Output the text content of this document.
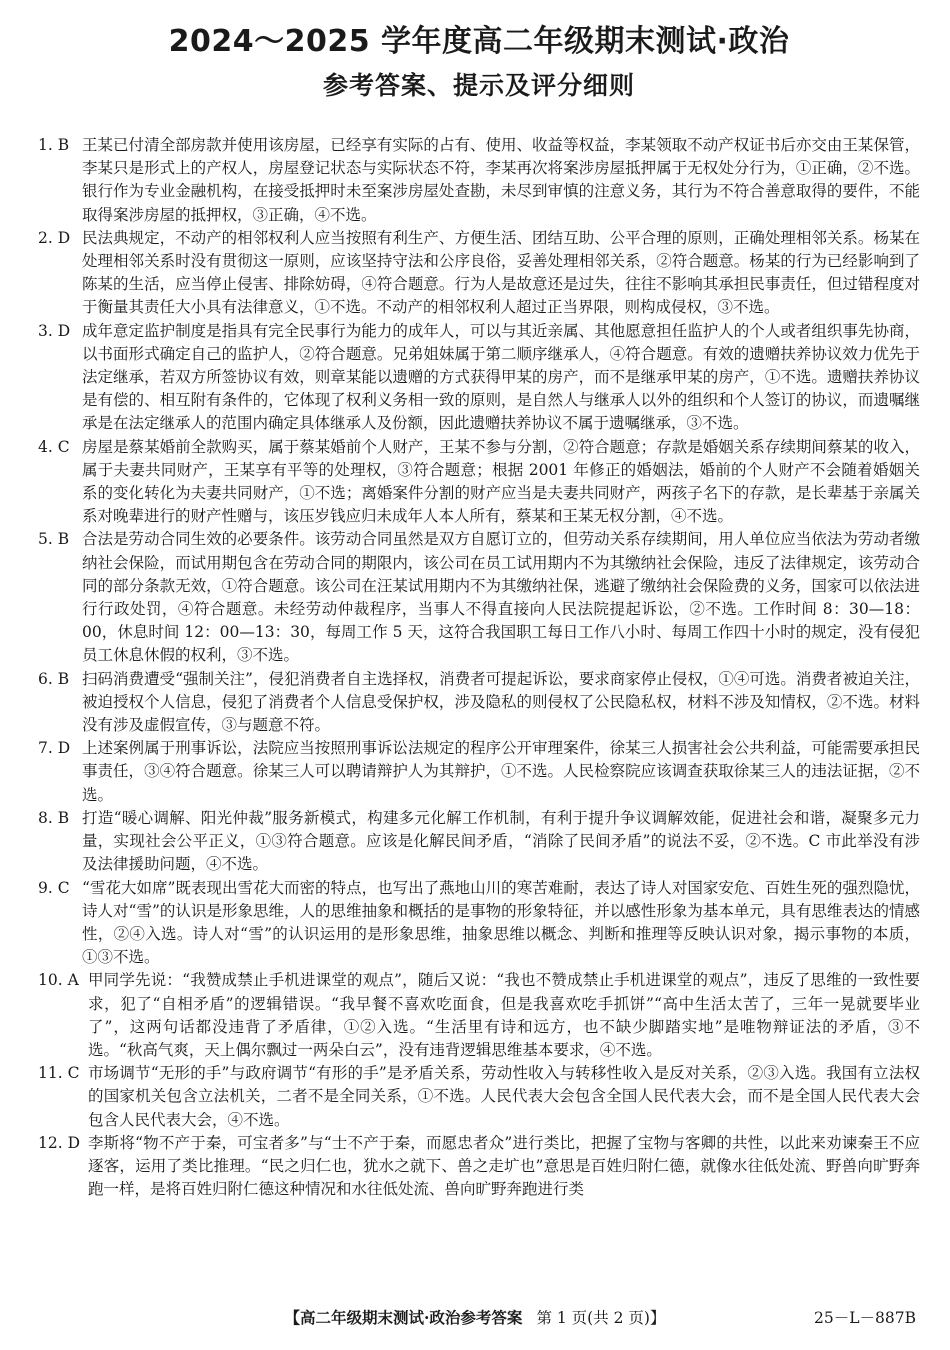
2024～2025 学年度高二年级期末测试·政治
参考答案、提示及评分细则
1. B 王某已付清全部房款并使用该房屋，已经享有实际的占有、使用、收益等权益，李某领取不动产权证书后亦交由王某保管，李某只是形式上的产权人，房屋登记状态与实际状态不符，李某再次将案涉房屋抵押属于无权处分行为，①正确，②不选。银行作为专业金融机构，在接受抵押时未至案涉房屋处查勘，未尽到审慎的注意义务，其行为不符合善意取得的要件，不能取得案涉房屋的抵押权，③正确，④不选。
2. D 民法典规定，不动产的相邻权利人应当按照有利生产、方便生活、团结互助、公平合理的原则，正确处理相邻关系。杨某在处理相邻关系时没有贯彻这一原则，应该坚持守法和公序良俗，妥善处理相邻关系，②符合题意。杨某的行为已经影响到了陈某的生活，应当停止侵害、排除妨碍，④符合题意。行为人是故意还是过失，往往不影响其承担民事责任，但过错程度对于衡量其责任大小具有法律意义，①不选。不动产的相邻权利人超过正当界限，则构成侵权，③不选。
3. D 成年意定监护制度是指具有完全民事行为能力的成年人，可以与其近亲属、其他愿意担任监护人的个人或者组织事先协商，以书面形式确定自己的监护人，②符合题意。兄弟姐妹属于第二顺序继承人，④符合题意。有效的遗赠扶养协议效力优先于法定继承，若双方所签协议有效，则章某能以遗赠的方式获得甲某的房产，而不是继承甲某的房产，①不选。遗赠扶养协议是有偿的、相互附有条件的，它体现了权利义务相一致的原则，是自然人与继承人以外的组织和个人签订的协议，而遗嘱继承是在法定继承人的范围内确定具体继承人及份额，因此遗赠扶养协议不属于遗嘱继承，③不选。
4. C 房屋是蔡某婚前全款购买，属于蔡某婚前个人财产，王某不参与分割，②符合题意；存款是婚姻关系存续期间蔡某的收入，属于夫妻共同财产，王某享有平等的处理权，③符合题意；根据 2001 年修正的婚姻法，婚前的个人财产不会随着婚姻关系的变化转化为夫妻共同财产，①不选；离婚案件分割的财产应当是夫妻共同财产，两孩子名下的存款，是长辈基于亲属关系对晚辈进行的财产性赠与，该压岁钱应归未成年人本人所有，蔡某和王某无权分割，④不选。
5. B 合法是劳动合同生效的必要条件。该劳动合同虽然是双方自愿订立的，但劳动关系存续期间，用人单位应当依法为劳动者缴纳社会保险，而试用期包含在劳动合同的期限内，该公司在员工试用期内不为其缴纳社会保险，违反了法律规定，该劳动合同的部分条款无效，①符合题意。该公司在汪某试用期内不为其缴纳社保，逃避了缴纳社会保险费的义务，国家可以依法进行行政处罚，④符合题意。未经劳动仲裁程序，当事人不得直接向人民法院提起诉讼，②不选。工作时间 8：30—18：00，休息时间 12：00—13：30，每周工作 5 天，这符合我国职工每日工作八小时、每周工作四十小时的规定，没有侵犯员工休息休假的权利，③不选。
6. B 扫码消费遭受“强制关注”，侵犯消费者自主选择权，消费者可提起诉讼，要求商家停止侵权，①④可选。消费者被迫关注，被迫授权个人信息，侵犯了消费者个人信息受保护权，涉及隐私的则侵权了公民隐私权，材料不涉及知情权，②不选。材料没有涉及虚假宣传，③与题意不符。
7. D 上述案例属于刑事诉讼，法院应当按照刑事诉讼法规定的程序公开审理案件，徐某三人损害社会公共利益，可能需要承担民事责任，③④符合题意。徐某三人可以聘请辩护人为其辩护，①不选。人民检察院应该调查获取徐某三人的违法证据，②不选。
8. B 打造“暖心调解、阳光仲裁”服务新模式，构建多元化解工作机制，有利于提升争议调解效能，促进社会和谐，凝聚多元力量，实现社会公平正义，①③符合题意。应该是化解民间矛盾，“消除了民间矛盾”的说法不妥，②不选。C 市此举没有涉及法律援助问题，④不选。
9. C “雪花大如席”既表现出雪花大而密的特点，也写出了燕地山川的寒苦难耐，表达了诗人对国家安危、百姓生死的强烈隐忧，诗人对“雪”的认识是形象思维，人的思维抽象和概括的是事物的形象特征，并以感性形象为基本单元，具有思维表达的情感性，②④入选。诗人对“雪”的认识运用的是形象思维，抽象思维以概念、判断和推理等反映认识对象，揭示事物的本质，①③不选。
10. A 甲同学先说：“我赞成禁止手机进课堂的观点”，随后又说：“我也不赞成禁止手机进课堂的观点”，违反了思维的一致性要求，犯了“自相矛盾”的逻辑错误。“我早餐不喜欢吃面食，但是我喜欢吃手抓饼”“高中生活太苦了，三年一晃就要毕业了”，这两句话都没违背了矛盾律，①②入选。“生活里有诗和远方，也不缺少脚踏实地”是唯物辩证法的矛盾，③不选。“秋高气爽，天上偶尔飘过一两朵白云”，没有违背逻辑思维基本要求，④不选。
11. C 市场调节“无形的手”与政府调节“有形的手”是矛盾关系，劳动性收入与转移性收入是反对关系，②③入选。我国有立法权的国家机关包含立法机关，二者不是全同关系，①不选。人民代表大会包含全国人民代表大会，而不是全国人民代表大会包含人民代表大会，④不选。
12. D 李斯将“物不产于秦，可宝者多”与“士不产于秦，而愿忠者众”进行类比，把握了宝物与客卿的共性，以此来劝谏秦王不应逐客，运用了类比推理。“民之归仁也，犹水之就下、兽之走圹也”意思是百姓归附仁德，就像水往低处流、野兽向旷野奔跑一样，是将百姓归附仁德这种情况和水往低处流、兽向旷野奔跑进行类
【高二年级期末测试·政治参考答案 第 1 页(共 2 页)】	25－L－887B
